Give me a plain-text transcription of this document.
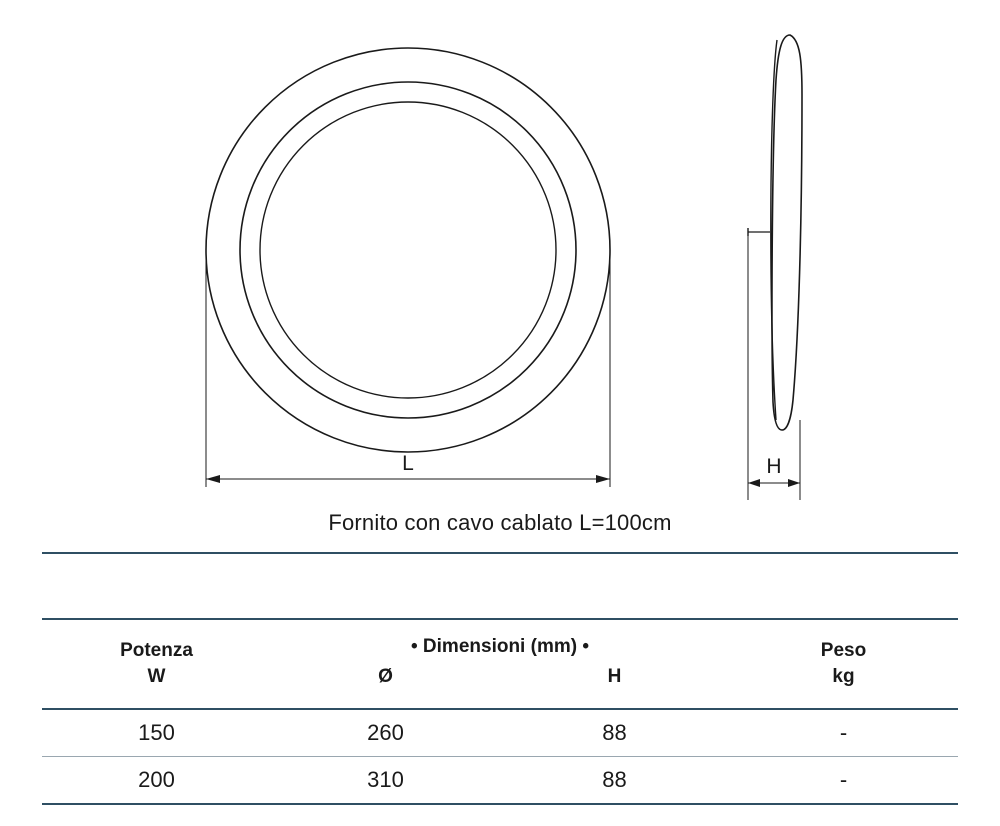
L	H
Fornito con cavo cablato L=100cm
Potenza
W	Ø	H	Peso
kg

150	260	88	-
200	310	88	-
• Dimensioni (mm) •
